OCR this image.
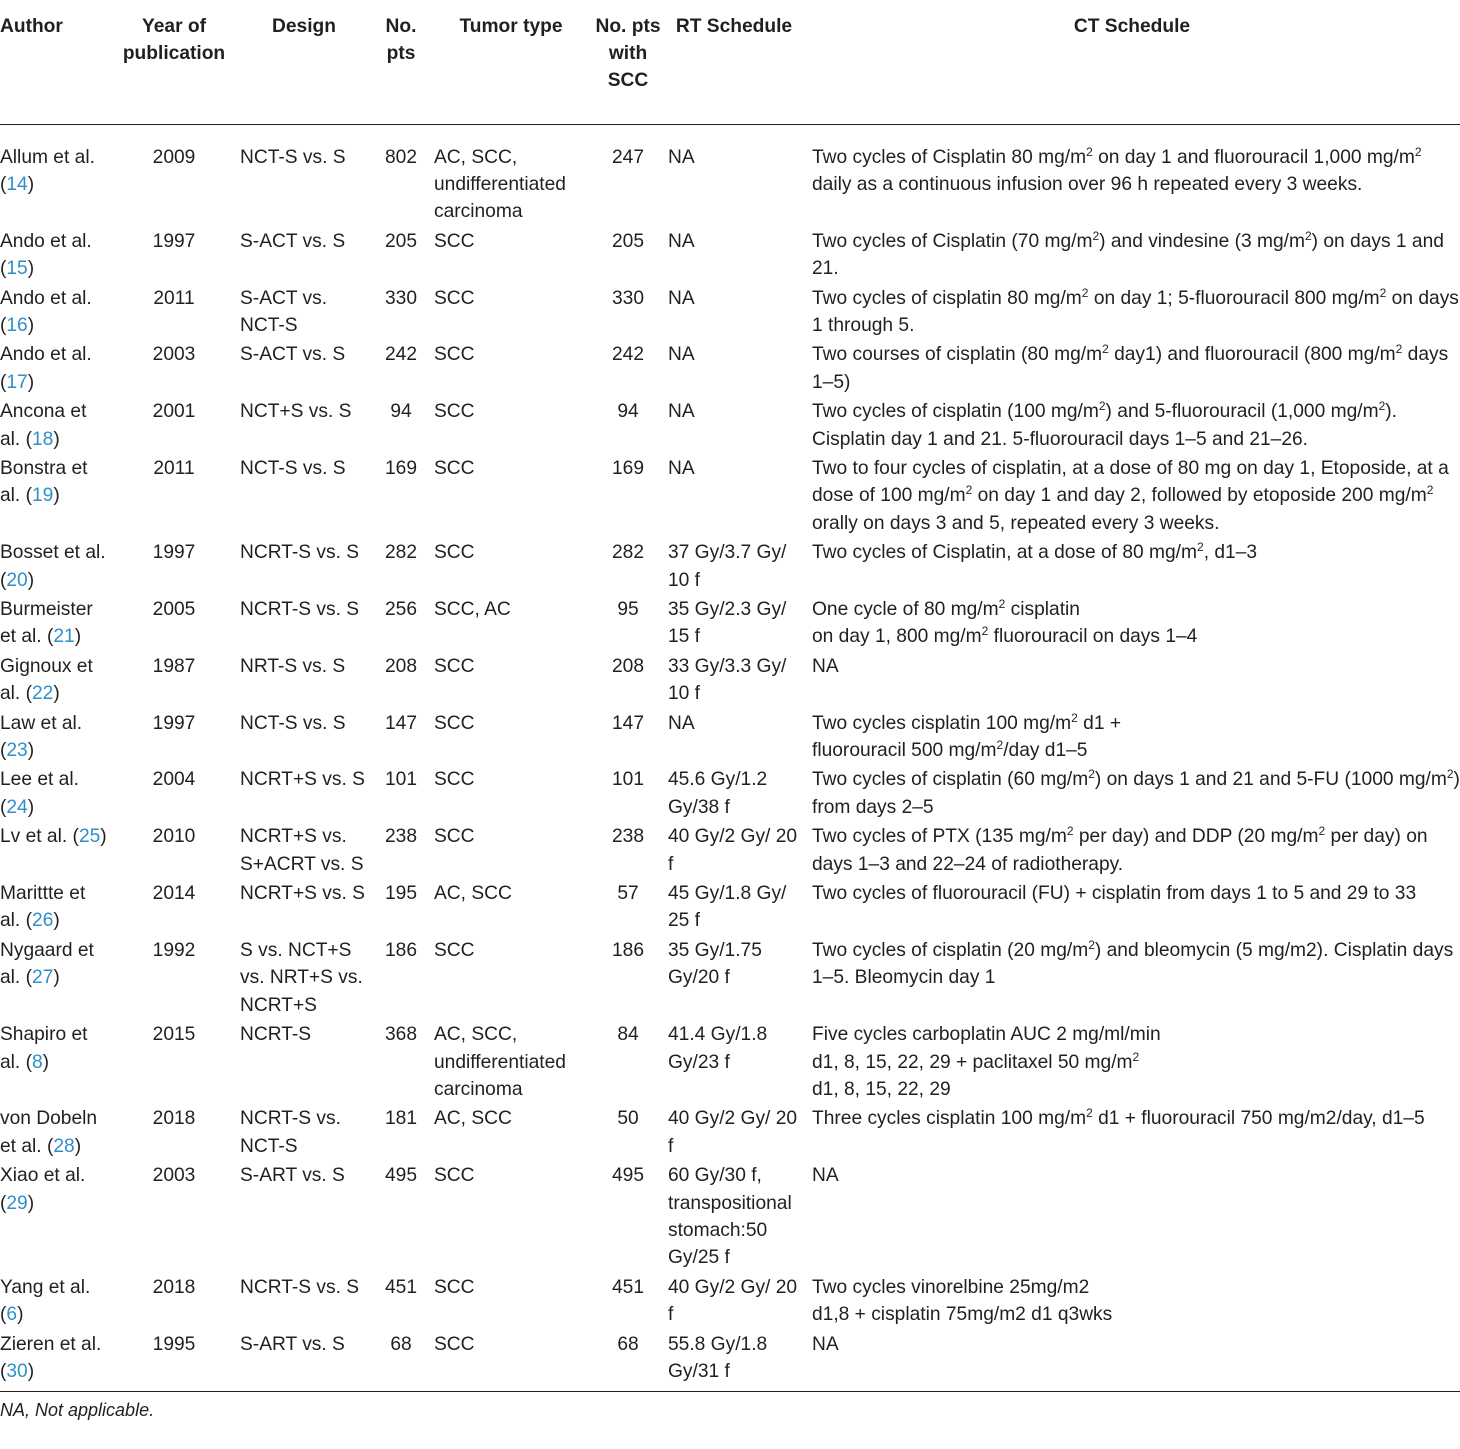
Author	Year of publication	Design	No. pts	Tumor type	No. pts with SCC	RT Schedule	CT Schedule
Allum et al. (14)	2009	NCT-S vs. S	802	AC, SCC, undifferentiated carcinoma	247	NA	Two cycles of Cisplatin 80 $mg/m^2$ on day 1 and fluorouracil 1,000 $mg/m^2$ daily as a continuous infusion over 96 h repeated every 3 weeks.
Ando et al. (15)	1997	S-ACT vs. S	205	SCC	205	NA	Two cycles of Cisplatin (70 $mg/m^2$) and vindesine (3 $mg/m^2$) on days 1 and 21.
Ando et al. (16)	2011	S-ACT vs. NCT-S	330	SCC	330	NA	Two cycles of cisplatin 80 $mg/m^2$ on day 1; 5-fluorouracil 800 $mg/m^2$ on days 1 through 5.
Ando et al. (17)	2003	S-ACT vs. S	242	SCC	242	NA	Two courses of cisplatin (80 $mg/m^2$ day1) and fluorouracil (800 $mg/m^2$ days 1–5)
Ancona et al. (18)	2001	NCT+S vs. S	94	SCC	94	NA	Two cycles of cisplatin (100 $mg/m^2$) and 5-fluorouracil (1,000 $mg/m^2$). Cisplatin day 1 and 21. 5-fluorouracil days 1–5 and 21–26.
Bonstra et al. (19)	2011	NCT-S vs. S	169	SCC	169	NA	Two to four cycles of cisplatin, at a dose of 80 mg on day 1, Etoposide, at a dose of 100 $mg/m^2$ on day 1 and day 2, followed by etoposide 200 $mg/m^2$ orally on days 3 and 5, repeated every 3 weeks.
Bosset et al. (20)	1997	NCRT-S vs. S	282	SCC	282	37 Gy/3.7 Gy/ 10 f	Two cycles of Cisplatin, at a dose of 80 $mg/m^2$, d1–3
Burmeister et al. (21)	2005	NCRT-S vs. S	256	SCC, AC	95	35 Gy/2.3 Gy/ 15 f	One cycle of 80 $mg/m^2$ cisplatin
on day 1, 800 $mg/m^2$ fluorouracil on days 1–4
Gignoux et al. (22)	1987	NRT-S vs. S	208	SCC	208	33 Gy/3.3 Gy/ 10 f	NA
Law et al. (23)	1997	NCT-S vs. S	147	SCC	147	NA	Two cycles cisplatin 100 $mg/m^2$ d1 +
fluorouracil 500 $mg/m^2$/day d1–5
Lee et al. (24)	2004	NCRT+S vs. S	101	SCC	101	45.6 Gy/1.2 Gy/38 f	Two cycles of cisplatin (60 $mg/m^2$) on days 1 and 21 and 5-FU (1000 $mg/m^2$) from days 2–5
Lv et al. (25)	2010	NCRT+S vs. S+ACRT vs. S	238	SCC	238	40 Gy/2 Gy/ 20 f	Two cycles of PTX (135 $mg/m^2$ per day) and DDP (20 $mg/m^2$ per day) on days 1–3 and 22–24 of radiotherapy.
Marittte et al. (26)	2014	NCRT+S vs. S	195	AC, SCC	57	45 Gy/1.8 Gy/ 25 f	Two cycles of fluorouracil (FU) + cisplatin from days 1 to 5 and 29 to 33
Nygaard et al. (27)	1992	S vs. NCT+S vs. NRT+S vs. NCRT+S	186	SCC	186	35 Gy/1.75 Gy/20 f	Two cycles of cisplatin (20 $mg/m^2$) and bleomycin (5 mg/m2). Cisplatin days 1–5. Bleomycin day 1
Shapiro et al. (8)	2015	NCRT-S	368	AC, SCC, undifferentiated carcinoma	84	41.4 Gy/1.8 Gy/23 f	Five cycles carboplatin AUC 2 mg/ml/min
d1, 8, 15, 22, 29 + paclitaxel 50 $mg/m^2$
d1, 8, 15, 22, 29
von Dobeln et al. (28)	2018	NCRT-S vs. NCT-S	181	AC, SCC	50	40 Gy/2 Gy/ 20 f	Three cycles cisplatin 100 $mg/m^2$ d1 + fluorouracil 750 mg/m2/day, d1–5
Xiao et al. (29)	2003	S-ART vs. S	495	SCC	495	60 Gy/30 f, transpositional stomach:50 Gy/25 f	NA
Yang et al. (6)	2018	NCRT-S vs. S	451	SCC	451	40 Gy/2 Gy/ 20 f	Two cycles vinorelbine 25mg/m2
d1,8 + cisplatin 75mg/m2 d1 q3wks
Zieren et al. (30)	1995	S-ART vs. S	68	SCC	68	55.8 Gy/1.8 Gy/31 f	NA
NA, Not applicable.							
